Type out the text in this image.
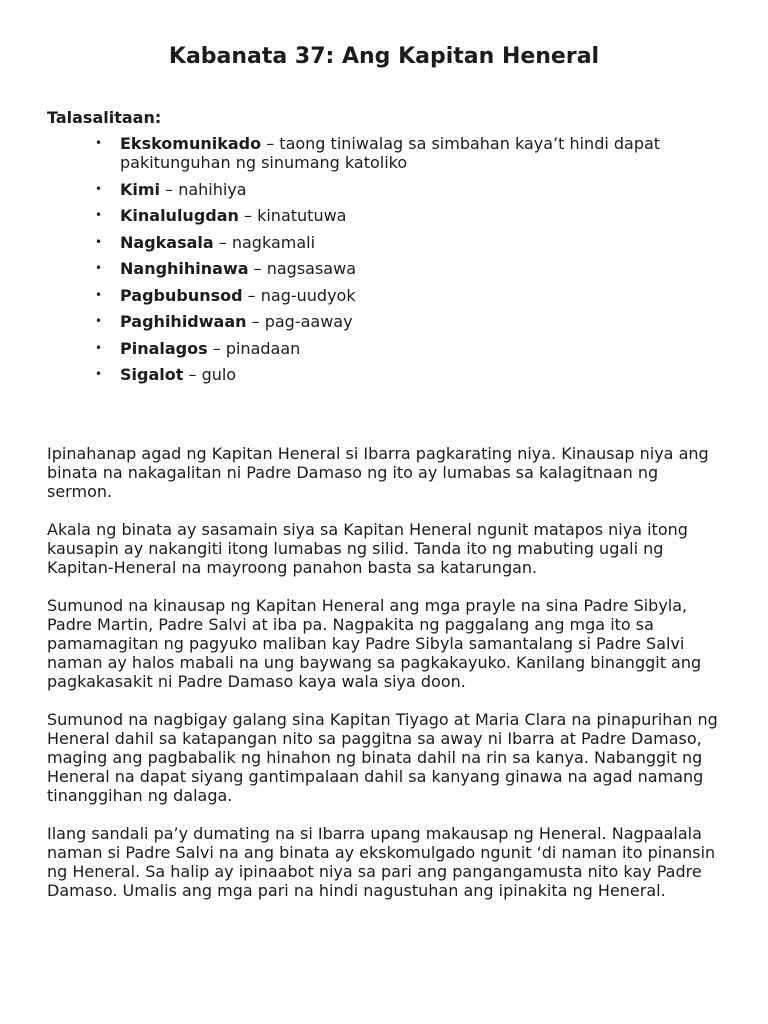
Kabanata 37: Ang Kapitan Heneral
Talasalitaan:
• Ekskomunikado – taong tiniwalag sa simbahan kaya’t hindi dapat pakitunguhan ng sinumang katoliko
• Kimi – nahihiya
• Kinalulugdan – kinatutuwa
• Nagkasala – nagkamali
• Nanghihinawa – nagsasawa
• Pagbubunsod – nag-uudyok
• Paghihidwaan – pag-aaway
• Pinalagos – pinadaan
• Sigalot – gulo

Ipinahanap agad ng Kapitan Heneral si Ibarra pagkarating niya. Kinausap niya ang binata na nakagalitan ni Padre Damaso ng ito ay lumabas sa kalagitnaan ng sermon.

Akala ng binata ay sasamain siya sa Kapitan Heneral ngunit matapos niya itong kausapin ay nakangiti itong lumabas ng silid. Tanda ito ng mabuting ugali ng Kapitan-Heneral na mayroong panahon basta sa katarungan.

Sumunod na kinausap ng Kapitan Heneral ang mga prayle na sina Padre Sibyla, Padre Martin, Padre Salvi at iba pa. Nagpakita ng paggalang ang mga ito sa pamamagitan ng pagyuko maliban kay Padre Sibyla samantalang si Padre Salvi naman ay halos mabali na ung baywang sa pagkakayuko. Kanilang binanggit ang pagkakasakit ni Padre Damaso kaya wala siya doon.

Sumunod na nagbigay galang sina Kapitan Tiyago at Maria Clara na pinapurihan ng Heneral dahil sa katapangan nito sa paggitna sa away ni Ibarra at Padre Damaso, maging ang pagbabalik ng hinahon ng binata dahil na rin sa kanya. Nabanggit ng Heneral na dapat siyang gantimpalaan dahil sa kanyang ginawa na agad namang tinanggihan ng dalaga.

Ilang sandali pa’y dumating na si Ibarra upang makausap ng Heneral. Nagpaalala naman si Padre Salvi na ang binata ay ekskomulgado ngunit ‘di naman ito pinansin ng Heneral. Sa halip ay ipinaabot niya sa pari ang pangangamusta nito kay Padre Damaso. Umalis ang mga pari na hindi nagustuhan ang ipinakita ng Heneral.
